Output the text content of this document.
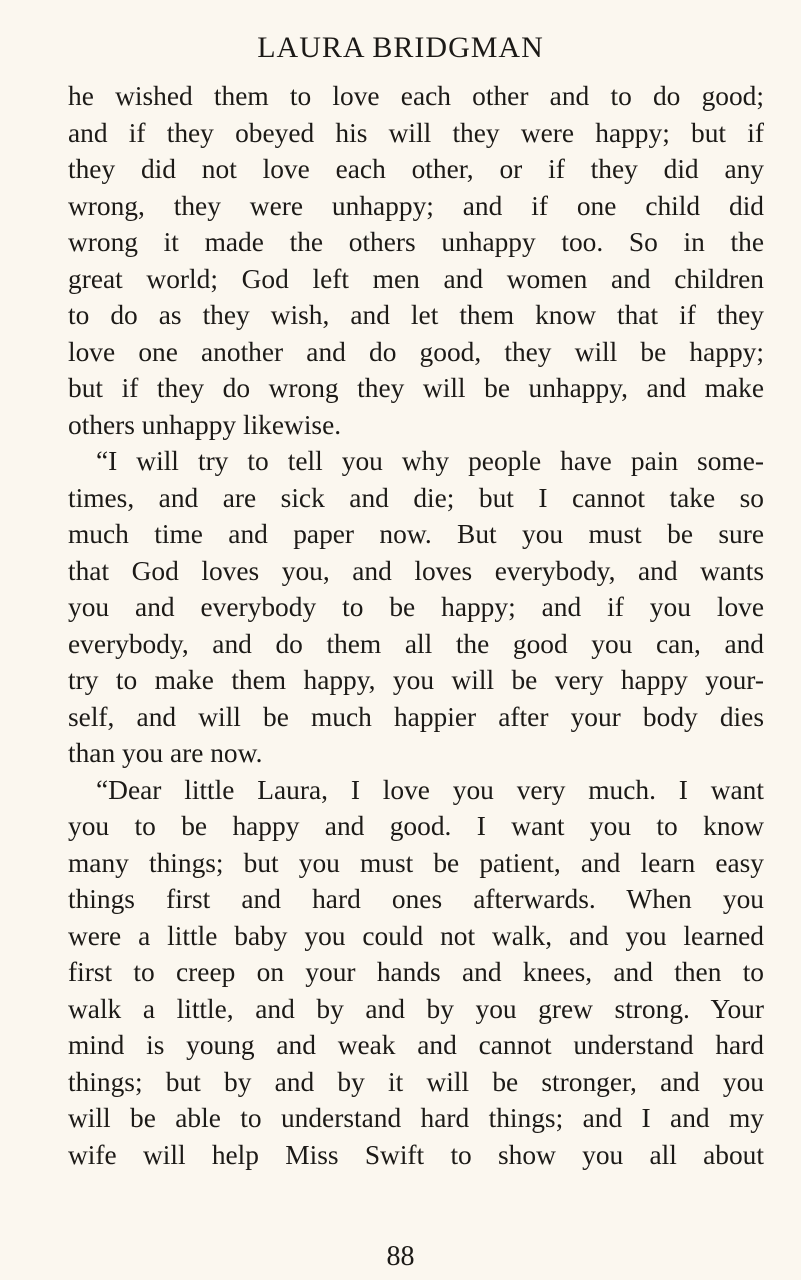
LAURA BRIDGMAN
he wished them to love each other and to do good;
and if they obeyed his will they were happy; but if
they did not love each other, or if they did any
wrong, they were unhappy; and if one child did
wrong it made the others unhappy too. So in the
great world; God left men and women and children
to do as they wish, and let them know that if they
love one another and do good, they will be happy;
but if they do wrong they will be unhappy, and make
others unhappy likewise.
“I will try to tell you why people have pain some-
times, and are sick and die; but I cannot take so
much time and paper now. But you must be sure
that God loves you, and loves everybody, and wants
you and everybody to be happy; and if you love
everybody, and do them all the good you can, and
try to make them happy, you will be very happy your-
self, and will be much happier after your body dies
than you are now.
“Dear little Laura, I love you very much. I want
you to be happy and good. I want you to know
many things; but you must be patient, and learn easy
things first and hard ones afterwards. When you
were a little baby you could not walk, and you learned
first to creep on your hands and knees, and then to
walk a little, and by and by you grew strong. Your
mind is young and weak and cannot understand hard
things; but by and by it will be stronger, and you
will be able to understand hard things; and I and my
wife will help Miss Swift to show you all about
88
